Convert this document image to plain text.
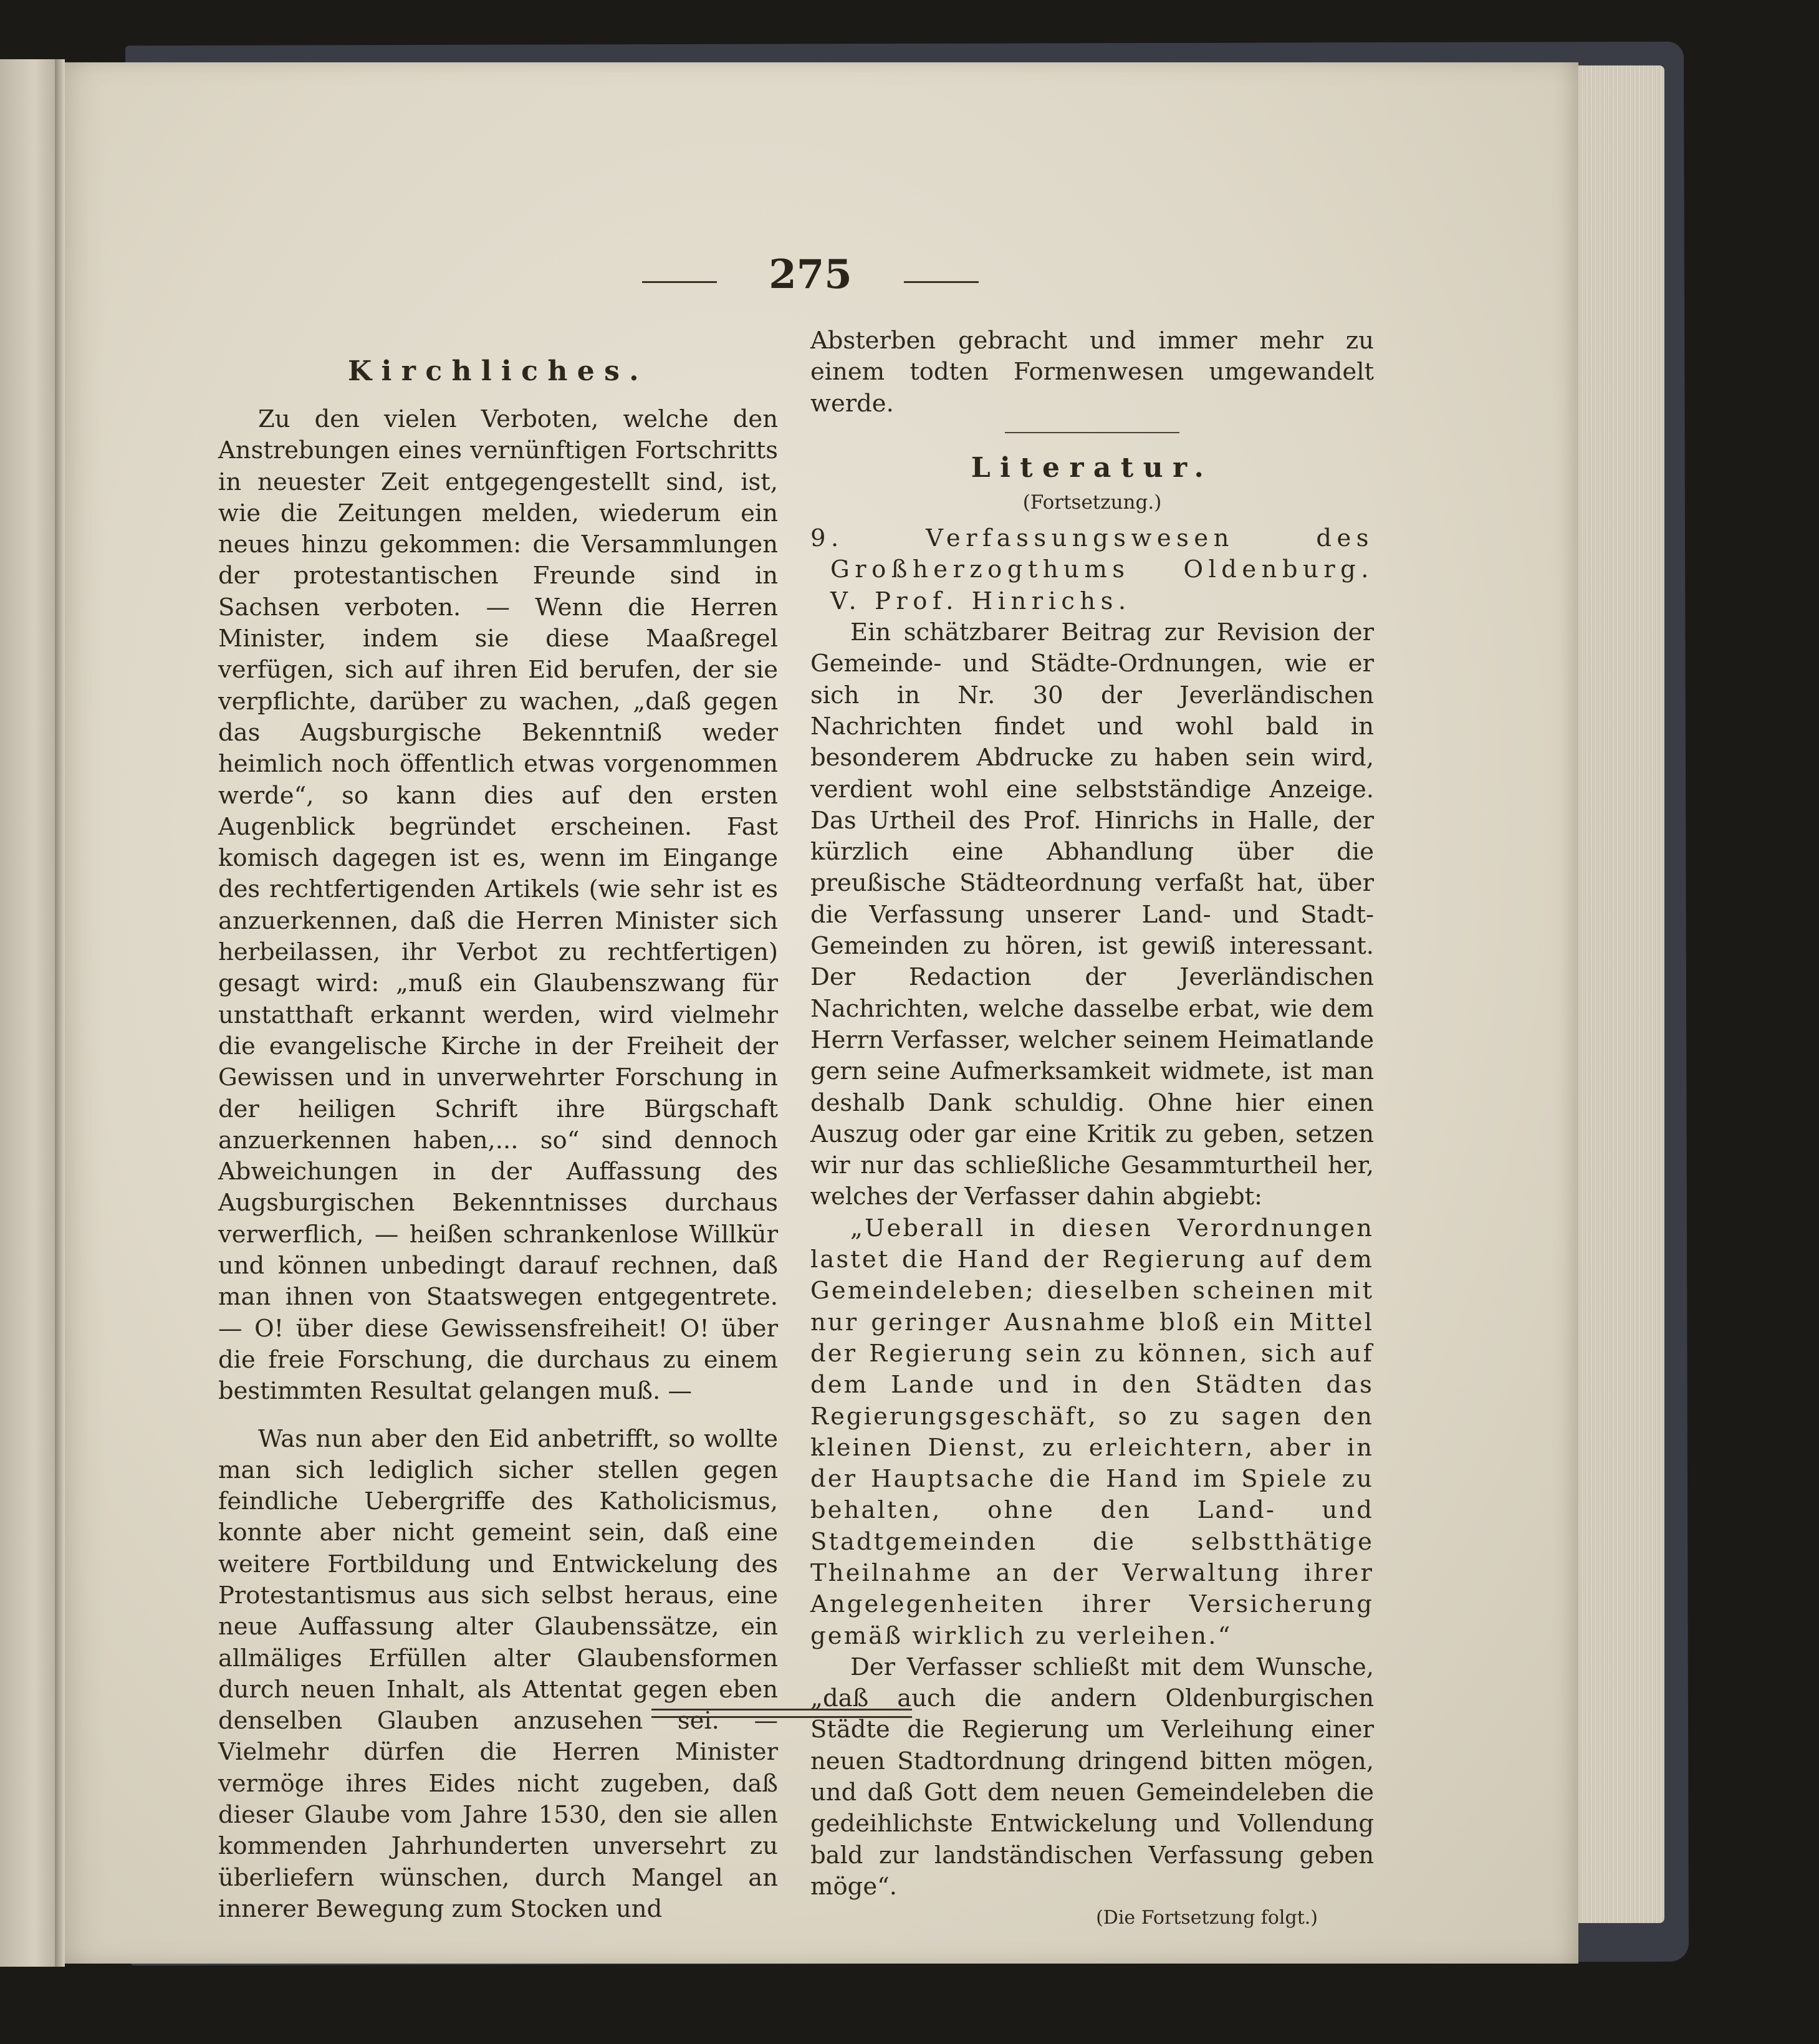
275

Kirchliches.

Zu den vielen Verboten, welche den Anstrebungen eines vernünftigen Fortschritts in neuester Zeit entgegengestellt sind, ist, wie die Zeitungen melden, wiederum ein neues hinzu gekommen: die Versammlungen der protestantischen Freunde sind in Sachsen verboten. — Wenn die Herren Minister, indem sie diese Maaßregel verfügen, sich auf ihren Eid berufen, der sie verpflichte, darüber zu wachen, „daß gegen das Augsburgische Bekenntniß weder heimlich noch öffentlich etwas vorgenommen werde“, so kann dies auf den ersten Augenblick begründet erscheinen. Fast komisch dagegen ist es, wenn im Eingange des rechtfertigenden Artikels (wie sehr ist es anzuerkennen, daß die Herren Minister sich herbeilassen, ihr Verbot zu rechtfertigen) gesagt wird: „muß ein Glaubenszwang für unstatthaft erkannt werden, wird vielmehr die evangelische Kirche in der Freiheit der Gewissen und in unverwehrter Forschung in der heiligen Schrift ihre Bürgschaft anzuerkennen haben,... so“ sind dennoch Abweichungen in der Auffassung des Augsburgischen Bekenntnisses durchaus verwerflich, — heißen schrankenlose Willkür und können unbedingt darauf rechnen, daß man ihnen von Staatswegen entgegentrete. — O! über diese Gewissensfreiheit! O! über die freie Forschung, die durchaus zu einem bestimmten Resultat gelangen muß. —

Was nun aber den Eid anbetrifft, so wollte man sich lediglich sicher stellen gegen feindliche Uebergriffe des Katholicismus, konnte aber nicht gemeint sein, daß eine weitere Fortbildung und Entwickelung des Protestantismus aus sich selbst heraus, eine neue Auffassung alter Glaubenssätze, ein allmäliges Erfüllen alter Glaubensformen durch neuen Inhalt, als Attentat gegen eben denselben Glauben anzusehen sei. — Vielmehr dürfen die Herren Minister vermöge ihres Eides nicht zugeben, daß dieser Glaube vom Jahre 1530, den sie allen kommenden Jahrhunderten unversehrt zu überliefern wünschen, durch Mangel an innerer Bewegung zum Stocken und

Absterben gebracht und immer mehr zu einem todten Formenwesen umgewandelt werde.

Literatur.

(Fortsetzung.)

9. Verfassungswesen des Großherzogthums Oldenburg. V. Prof. Hinrichs.

Ein schätzbarer Beitrag zur Revision der Gemeinde- und Städte-Ordnungen, wie er sich in Nr. 30 der Jeverländischen Nachrichten findet und wohl bald in besonderem Abdrucke zu haben sein wird, verdient wohl eine selbstständige Anzeige. Das Urtheil des Prof. Hinrichs in Halle, der kürzlich eine Abhandlung über die preußische Städteordnung verfaßt hat, über die Verfassung unserer Land- und Stadt-Gemeinden zu hören, ist gewiß interessant. Der Redaction der Jeverländischen Nachrichten, welche dasselbe erbat, wie dem Herrn Verfasser, welcher seinem Heimatlande gern seine Aufmerksamkeit widmete, ist man deshalb Dank schuldig. Ohne hier einen Auszug oder gar eine Kritik zu geben, setzen wir nur das schließliche Gesammturtheil her, welches der Verfasser dahin abgiebt:

„Ueberall in diesen Verordnungen lastet die Hand der Regierung auf dem Gemeindeleben; dieselben scheinen mit nur geringer Ausnahme bloß ein Mittel der Regierung sein zu können, sich auf dem Lande und in den Städten das Regierungsgeschäft, so zu sagen den kleinen Dienst, zu erleichtern, aber in der Hauptsache die Hand im Spiele zu behalten, ohne den Land- und Stadtgemeinden die selbstthätige Theilnahme an der Verwaltung ihrer Angelegenheiten ihrer Versicherung gemäß wirklich zu verleihen.“

Der Verfasser schließt mit dem Wunsche, „daß auch die andern Oldenburgischen Städte die Regierung um Verleihung einer neuen Stadtordnung dringend bitten mögen, und daß Gott dem neuen Gemeindeleben die gedeihlichste Entwickelung und Vollendung bald zur landständischen Verfassung geben möge“.

(Die Fortsetzung folgt.)
